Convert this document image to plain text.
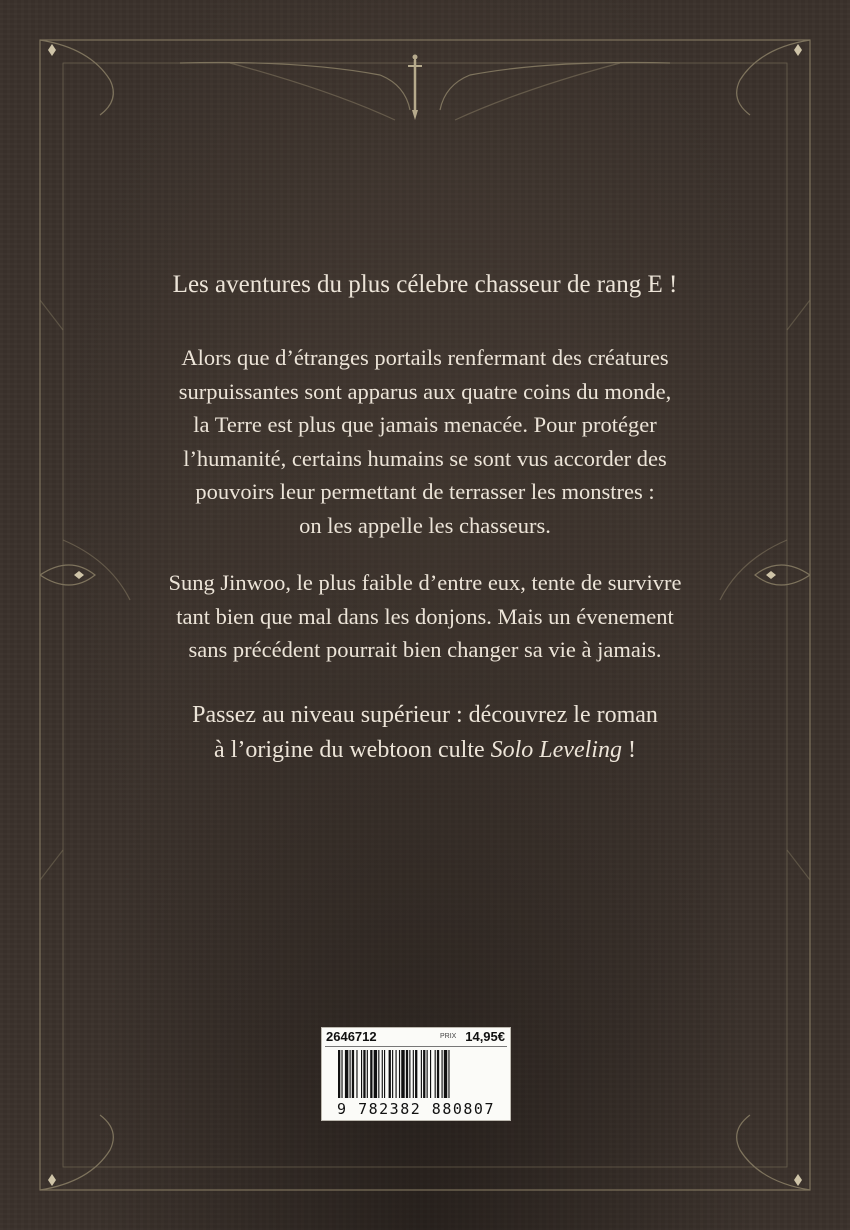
Les aventures du plus célebre chasseur de rang E !
Alors que d’étranges portails renfermant des créatures
surpuissantes sont apparus aux quatre coins du monde,
la Terre est plus que jamais menacée. Pour protéger
l’humanité, certains humains se sont vus accorder des
pouvoirs leur permettant de terrasser les monstres :
on les appelle les chasseurs.
Sung Jinwoo, le plus faible d’entre eux, tente de survivre
tant bien que mal dans les donjons. Mais un évenement
sans précédent pourrait bien changer sa vie à jamais.
Passez au niveau supérieur : découvrez le roman
à l’origine du webtoon culte Solo Leveling !
2646712	PRIX 14,95€
9 782382 880807
